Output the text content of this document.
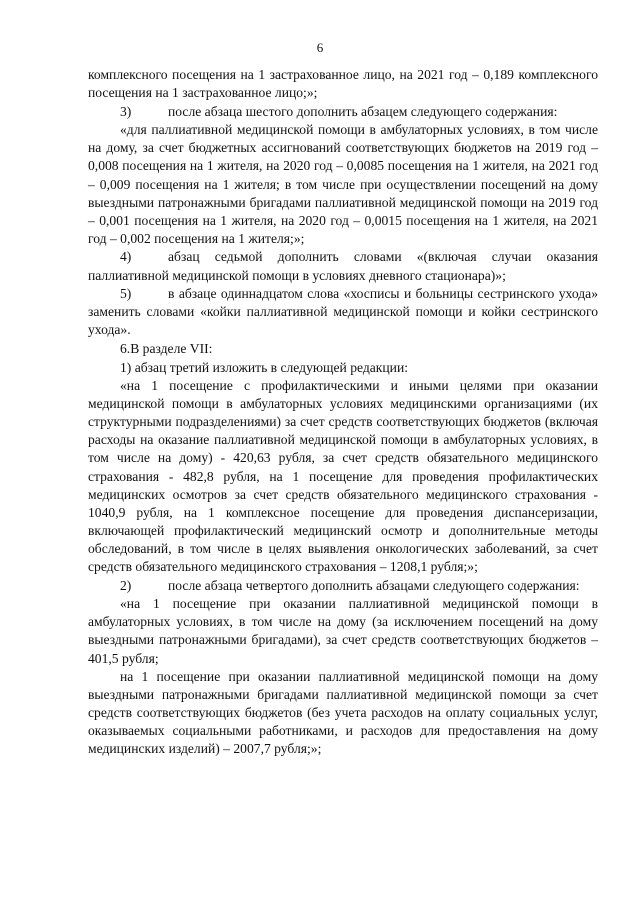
6

комплексного посещения на 1 застрахованное лицо, на 2021 год – 0,189 комплексного посещения на 1 застрахованное лицо;»;

3)	после абзаца шестого дополнить абзацем следующего содержания:

«для паллиативной медицинской помощи в амбулаторных условиях, в том числе на дому, за счет бюджетных ассигнований соответствующих бюджетов на 2019 год – 0,008 посещения на 1 жителя, на 2020 год – 0,0085 посещения на 1 жителя, на 2021 год – 0,009 посещения на 1 жителя; в том числе при осуществлении посещений на дому выездными патронажными бригадами паллиативной медицинской помощи на 2019 год – 0,001 посещения на 1 жителя, на 2020 год – 0,0015 посещения на 1 жителя, на 2021 год – 0,002 посещения на 1 жителя;»;

4)	абзац седьмой дополнить словами «(включая случаи оказания паллиативной медицинской помощи в условиях дневного стационара)»;

5)	в абзаце одиннадцатом слова «хосписы и больницы сестринского ухода» заменить словами «койки паллиативной медицинской помощи и койки сестринского ухода».

6.В разделе VII:

1) абзац третий изложить в следующей редакции:

«на 1 посещение с профилактическими и иными целями при оказании медицинской помощи в амбулаторных условиях медицинскими организациями (их структурными подразделениями) за счет средств соответствующих бюджетов (включая расходы на оказание паллиативной медицинской помощи в амбулаторных условиях, в том числе на дому) - 420,63 рубля, за счет средств обязательного медицинского страхования - 482,8 рубля, на 1 посещение для проведения профилактических медицинских осмотров за счет средств обязательного медицинского страхования - 1040,9 рубля, на 1 комплексное посещение для проведения диспансеризации, включающей профилактический медицинский осмотр и дополнительные методы обследований, в том числе в целях выявления онкологических заболеваний, за счет средств обязательного медицинского страхования – 1208,1 рубля;»;

2)	после абзаца четвертого дополнить абзацами следующего содержания:

«на 1 посещение при оказании паллиативной медицинской помощи в амбулаторных условиях, в том числе на дому (за исключением посещений на дому выездными патронажными бригадами), за счет средств соответствующих бюджетов – 401,5 рубля;

на 1 посещение при оказании паллиативной медицинской помощи на дому выездными патронажными бригадами паллиативной медицинской помощи за счет средств соответствующих бюджетов (без учета расходов на оплату социальных услуг, оказываемых социальными работниками, и расходов для предоставления на дому медицинских изделий) – 2007,7 рубля;»;
